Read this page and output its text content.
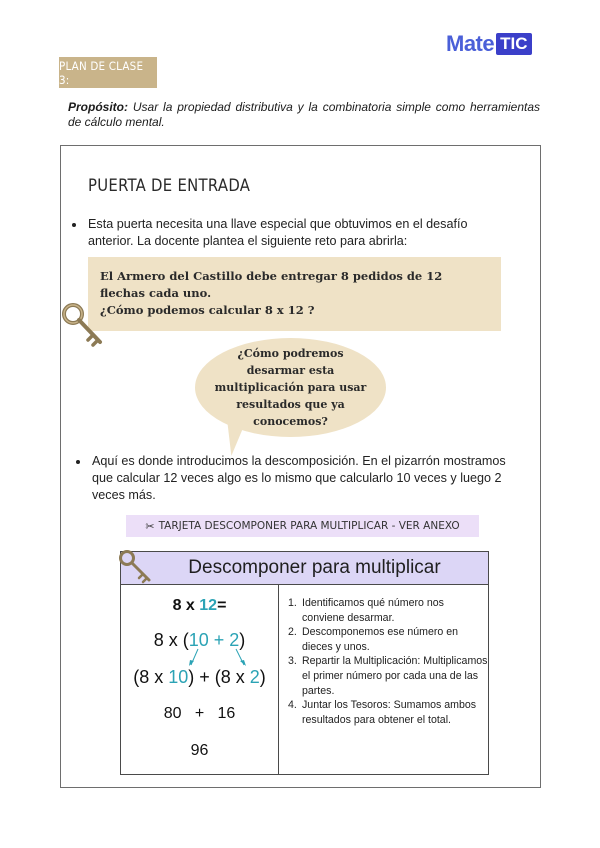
Mate TIC
PLAN DE CLASE 3:

Propósito: Usar la propiedad distributiva y la combinatoria simple como herramientas de cálculo mental.

PUERTA DE ENTRADA
Esta puerta necesita una llave especial que obtuvimos en el desafío anterior. La docente plantea el siguiente reto para abrirla:
El Armero del Castillo debe entregar 8 pedidos de 12 flechas cada uno.
¿Cómo podemos calcular 8 x 12 ?
¿Cómo podremos desarmar esta multiplicación para usar resultados que ya conocemos?
Aquí es donde introducimos la descomposición. En el pizarrón mostramos que calcular 12 veces algo es lo mismo que calcularlo 10 veces y luego 2 veces más.
✂ TARJETA DESCOMPONER PARA MULTIPLICAR - VER ANEXO
Descomponer para multiplicar
8 x 12=
8 x (10 + 2)
(8 x 10) + (8 x 2)
80   +   16
96
1. Identificamos qué número nos conviene desarmar.
2. Descomponemos ese número en dieces y unos.
3. Repartir la Multiplicación: Multiplicamos el primer número por cada una de las partes.
4. Juntar los Tesoros: Sumamos ambos resultados para obtener el total.
